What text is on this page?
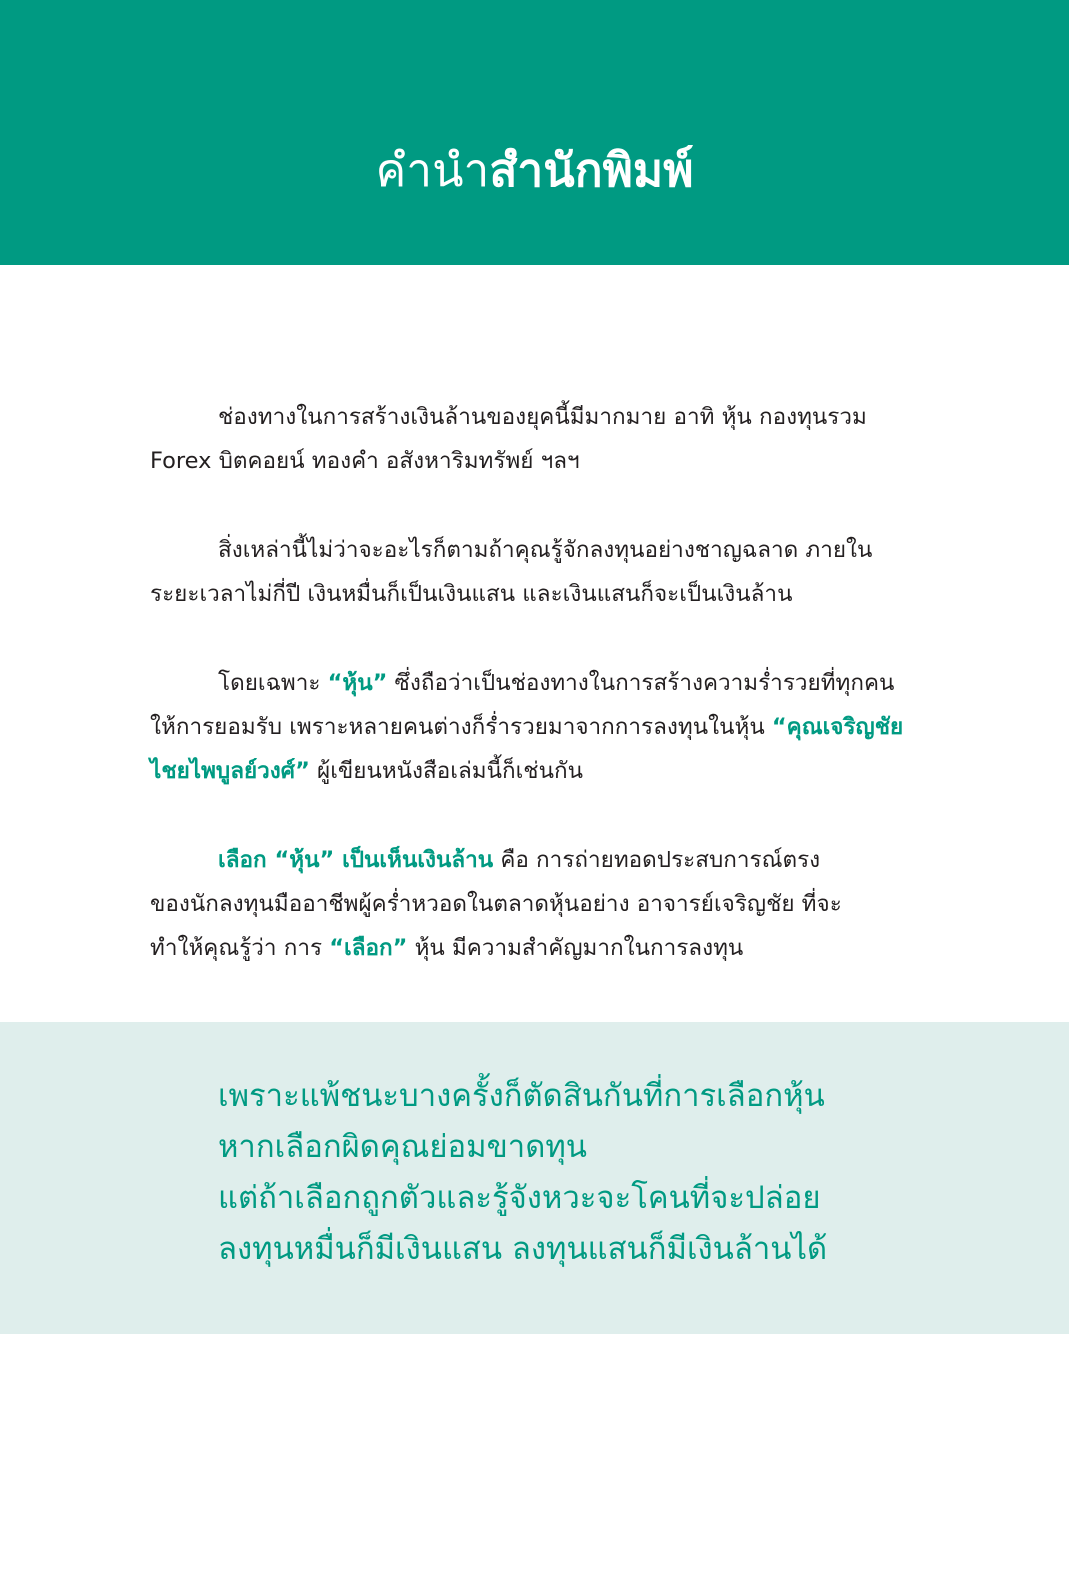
คำนำสำนักพิมพ์

ช่องทางในการสร้างเงินล้านของยุคนี้มีมากมาย อาทิ หุ้น กองทุนรวม
Forex บิตคอยน์ ทองคำ อสังหาริมทรัพย์ ฯลฯ

สิ่งเหล่านี้ไม่ว่าจะอะไรก็ตามถ้าคุณรู้จักลงทุนอย่างชาญฉลาด ภายใน
ระยะเวลาไม่กี่ปี เงินหมื่นก็เป็นเงินแสน และเงินแสนก็จะเป็นเงินล้าน

โดยเฉพาะ “หุ้น” ซึ่งถือว่าเป็นช่องทางในการสร้างความร่ำรวยที่ทุกคน
ให้การยอมรับ เพราะหลายคนต่างก็ร่ำรวยมาจากการลงทุนในหุ้น “คุณเจริญชัย
ไชยไพบูลย์วงศ์” ผู้เขียนหนังสือเล่มนี้ก็เช่นกัน

เลือก “หุ้น” เป็นเห็นเงินล้าน คือ การถ่ายทอดประสบการณ์ตรง
ของนักลงทุนมืออาชีพผู้คร่ำหวอดในตลาดหุ้นอย่าง อาจารย์เจริญชัย ที่จะ
ทำให้คุณรู้ว่า การ “เลือก” หุ้น มีความสำคัญมากในการลงทุน

เพราะแพ้ชนะบางครั้งก็ตัดสินกันที่การเลือกหุ้น
หากเลือกผิดคุณย่อมขาดทุน
แต่ถ้าเลือกถูกตัวและรู้จังหวะจะโคนที่จะปล่อย
ลงทุนหมื่นก็มีเงินแสน ลงทุนแสนก็มีเงินล้านได้
